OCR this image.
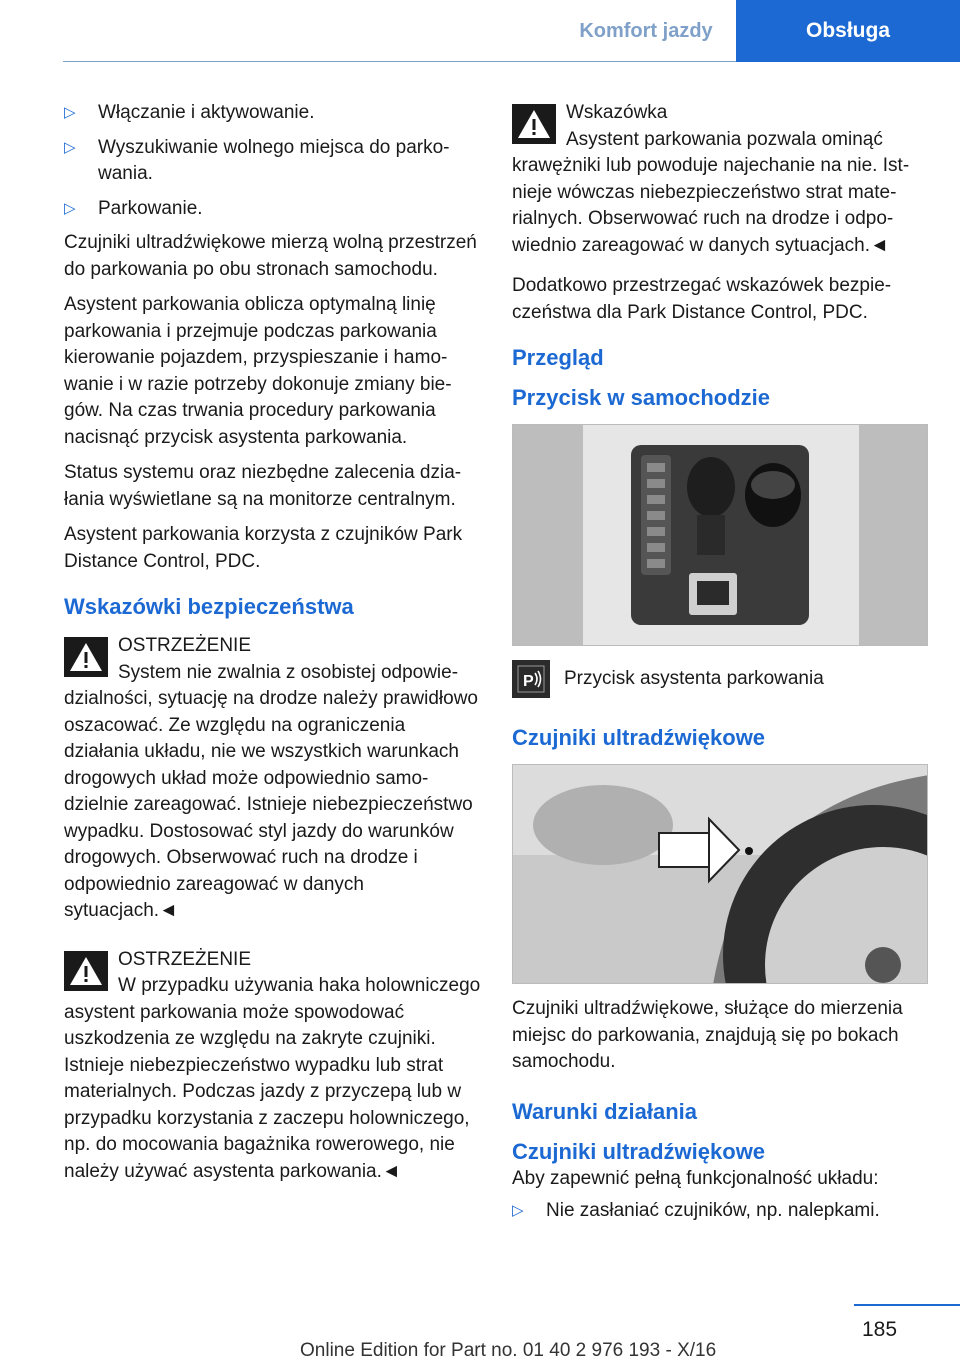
Komfort jazdy	Obsługa
▷	Włączanie i aktywowanie.
▷	Wyszukiwanie wolnego miejsca do parkowania.
▷	Parkowanie.

Czujniki ultradźwiękowe mierzą wolną przestrzeń do parkowania po obu stronach samochodu.

Asystent parkowania oblicza optymalną linię parkowania i przejmuje podczas parkowania kierowanie pojazdem, przyspieszanie i hamowanie i w razie potrzeby dokonuje zmiany biegów. Na czas trwania procedury parkowania nacisnąć przycisk asystenta parkowania.

Status systemu oraz niezbędne zalecenia działania wyświetlane są na monitorze centralnym.

Asystent parkowania korzysta z czujników Park Distance Control, PDC.

Wskazówki bezpieczeństwa
OSTRZEŻENIE
System nie zwalnia z osobistej odpowiedzialności, sytuację na drodze należy prawidłowo oszacować. Ze względu na ograniczenia działania układu, nie we wszystkich warunkach drogowych układ może odpowiednio samodzielnie zareagować. Istnieje niebezpieczeństwo wypadku. Dostosować styl jazdy do warunków drogowych. Obserwować ruch na drodze i odpowiednio zareagować w danych sytuacjach.◄
OSTRZEŻENIE
W przypadku używania haka holowniczego asystent parkowania może spowodować uszkodzenia ze względu na zakryte czujniki. Istnieje niebezpieczeństwo wypadku lub strat materialnych. Podczas jazdy z przyczepą lub w przypadku korzystania z zaczepu holowniczego, np. do mocowania bagażnika rowerowego, nie należy używać asystenta parkowania.◄
Wskazówka
Asystent parkowania pozwala ominąć krawężniki lub powoduje najechanie na nie. Istnieje wówczas niebezpieczeństwo strat materialnych. Obserwować ruch na drodze i odpowiednio zareagować w danych sytuacjach.◄

Dodatkowo przestrzegać wskazówek bezpieczeństwa dla Park Distance Control, PDC.

Przegląd
Przycisk w samochodzie
P Przycisk asystenta parkowania
Czujniki ultradźwiękowe

Czujniki ultradźwiękowe, służące do mierzenia miejsc do parkowania, znajdują się po bokach samochodu.

Warunki działania
Czujniki ultradźwiękowe

Aby zapewnić pełną funkcjonalność układu:

▷	Nie zasłaniać czujników, np. nalepkami.
185
Online Edition for Part no. 01 40 2 976 193 - X/16
